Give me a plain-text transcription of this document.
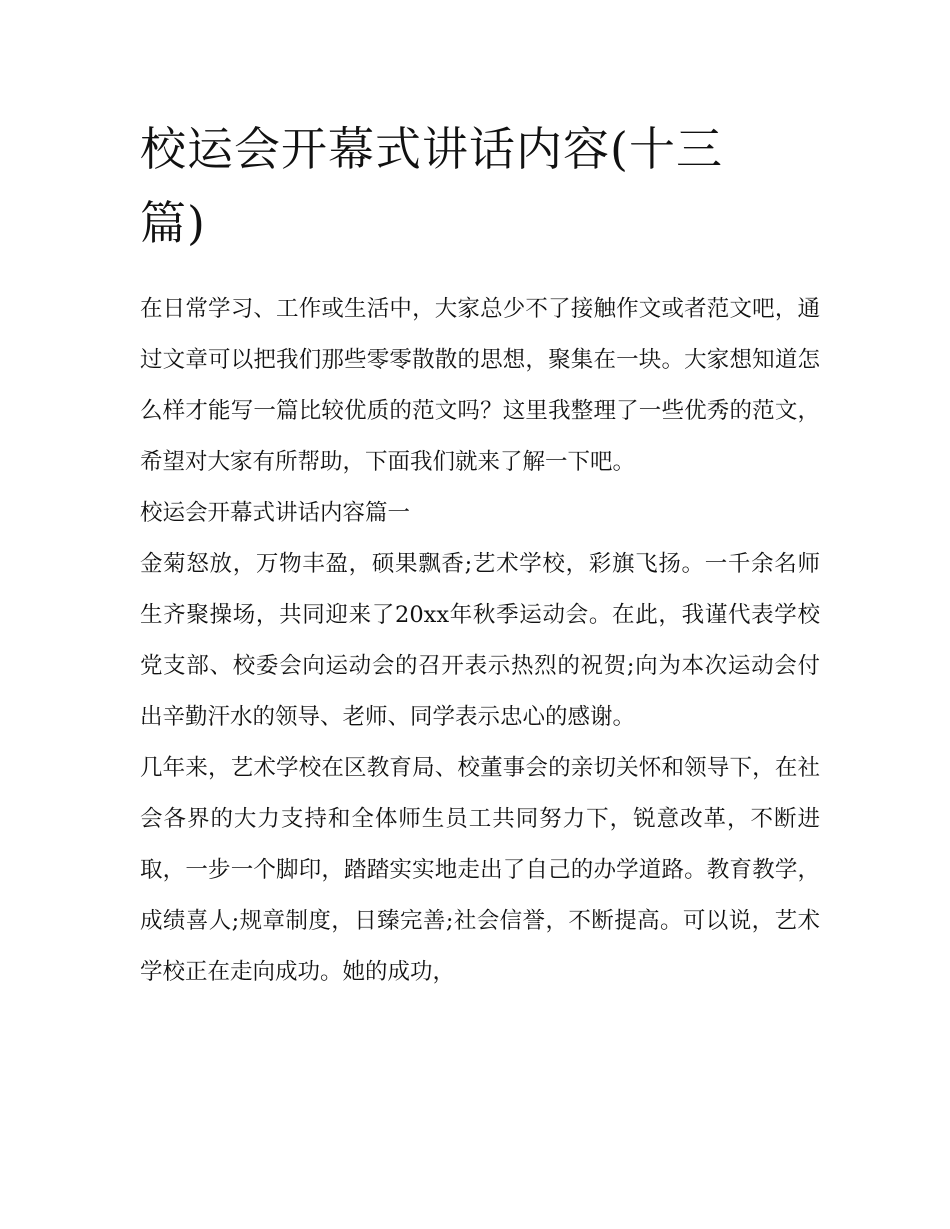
校运会开幕式讲话内容(十三篇)

在日常学习、工作或生活中，大家总少不了接触作文或者范文吧，通过文章可以把我们那些零零散散的思想，聚集在一块。大家想知道怎么样才能写一篇比较优质的范文吗？这里我整理了一些优秀的范文，希望对大家有所帮助，下面我们就来了解一下吧。

校运会开幕式讲话内容篇一

金菊怒放，万物丰盈，硕果飘香;艺术学校，彩旗飞扬。一千余名师生齐聚操场，共同迎来了20xx年秋季运动会。在此，我谨代表学校党支部、校委会向运动会的召开表示热烈的祝贺;向为本次运动会付出辛勤汗水的领导、老师、同学表示忠心的感谢。

几年来，艺术学校在区教育局、校董事会的亲切关怀和领导下，在社会各界的大力支持和全体师生员工共同努力下，锐意改革，不断进取，一步一个脚印，踏踏实实地走出了自己的办学道路。教育教学，成绩喜人;规章制度，日臻完善;社会信誉，不断提高。可以说，艺术学校正在走向成功。她的成功，
